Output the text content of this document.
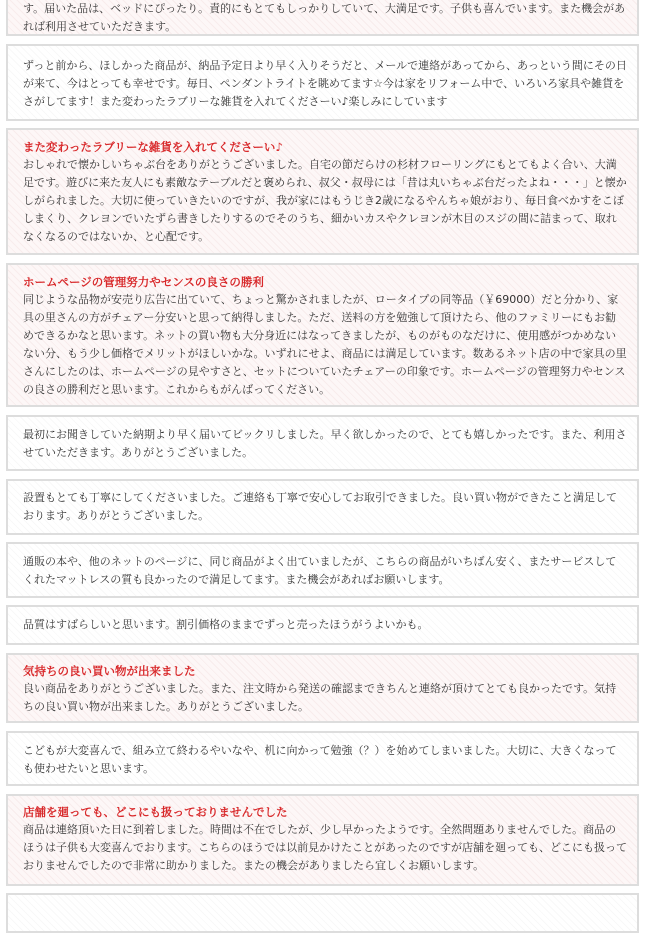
す。届いた品は、ベッドにぴったり。責的にもとてもしっかりしていて、大満足です。子供も喜んでいます。また機会があれば利用させていただきます。
ずっと前から、ほしかった商品が、納品予定日より早く入りそうだと、メールで連絡があってから、あっという間にその日が来て、今はとっても幸せです。毎日、ペンダントライトを眺めてます☆今は家をリフォーム中で、いろいろ家具や雑貨をさがしてます！また変わったラブリーな雑貨を入れてくださーい♪楽しみにしています
また変わったラブリーな雑貨を入れてくださーい♪
おしゃれで懐かしいちゃぶ台をありがとうございました。自宅の節だらけの杉材フローリングにもとてもよく合い、大満足です。遊びに来た友人にも素敵なテーブルだと褒められ、叔父・叔母には「昔は丸いちゃぶ台だったよね・・・」と懐かしがられました。大切に使っていきたいのですが、我が家にはもうじき2歳になるやんちゃ娘がおり、毎日食べかすをこぼしまくり、クレヨンでいたずら書きしたりするのでそのうち、細かいカスやクレヨンが木目のスジの間に詰まって、取れなくなるのではないか、と心配です。
ホームページの管理努力やセンスの良さの勝利
同じような品物が安売り広告に出ていて、ちょっと驚かされましたが、ロータイプの同等品（￥69000）だと分かり、家具の里さんの方がチェアー分安いと思って納得しました。ただ、送料の方を勉強して頂けたら、他のファミリーにもお勧めできるかなと思います。ネットの買い物も大分身近にはなってきましたが、ものがものなだけに、使用感がつかめないない分、もう少し価格でメリットがほしいかな。いずれにせよ、商品には満足しています。数あるネット店の中で家具の里さんにしたのは、ホームページの見やすさと、セットについていたチェアーの印象です。ホームページの管理努力やセンスの良さの勝利だと思います。これからもがんばってください。
最初にお聞きしていた納期より早く届いてビックリしました。早く欲しかったので、とても嬉しかったです。また、利用させていただきます。ありがとうございました。
設置もとても丁寧にしてくださいました。ご連絡も丁寧で安心してお取引できました。良い買い物ができたこと満足しております。ありがとうございました。
通販の本や、他のネットのページに、同じ商品がよく出ていましたが、こちらの商品がいちばん安く、またサービスしてくれたマットレスの質も良かったので満足してます。また機会があればお願いします。
品質はすばらしいと思います。割引価格のままでずっと売ったほうがうよいかも。
気持ちの良い買い物が出来ました
良い商品をありがとうございました。また、注文時から発送の確認まできちんと連絡が頂けてとても良かったです。気持ちの良い買い物が出来ました。ありがとうございました。
こどもが大変喜んで、組み立て終わるやいなや、机に向かって勉強（？）を始めてしまいました。大切に、大きくなっても使わせたいと思います。
店舗を廻っても、どこにも扱っておりませんでした
商品は連絡頂いた日に到着しました。時間は不在でしたが、少し早かったようです。全然問題ありませんでした。商品のほうは子供も大変喜んでおります。こちらのほうでは以前見かけたことがあったのですが店舗を廻っても、どこにも扱っておりませんでしたので非常に助かりました。またの機会がありましたら宜しくお願いします。
